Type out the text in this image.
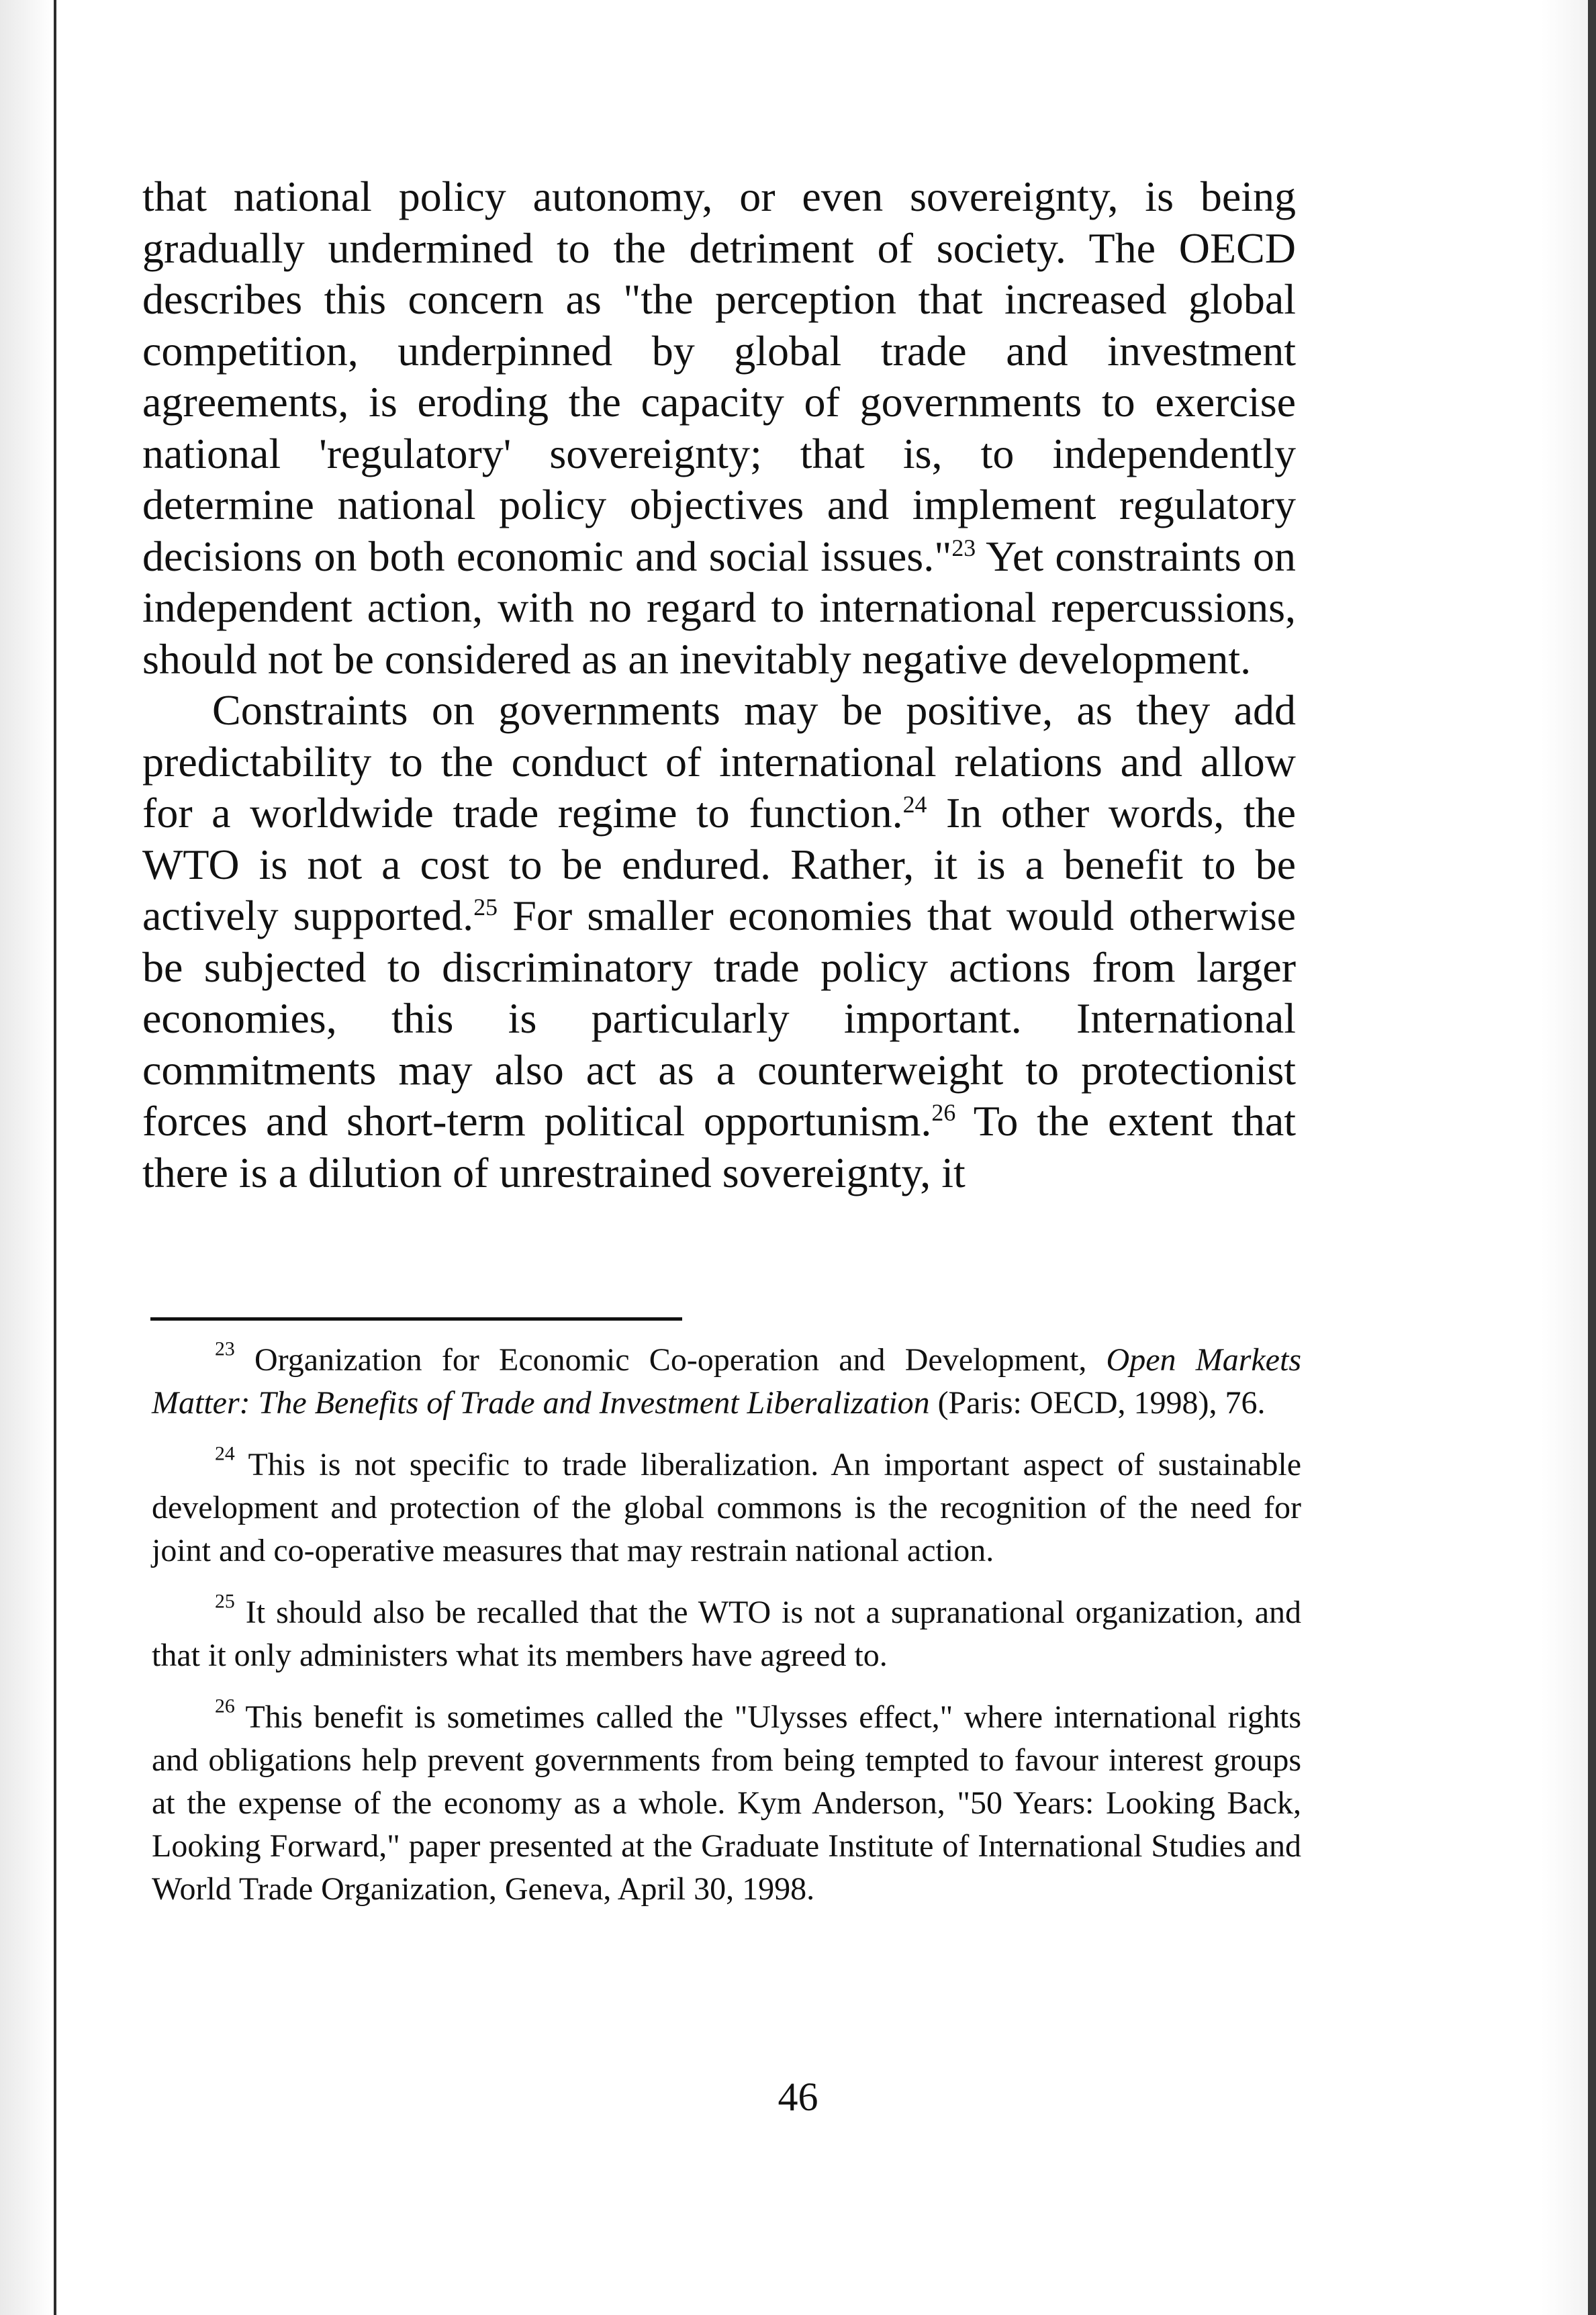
that national policy autonomy, or even sovereignty, is being gradually undermined to the detriment of society. The OECD describes this concern as "the perception that increased global competition, underpinned by global trade and investment agreements, is eroding the capacity of governments to exercise national 'regulatory' sovereignty; that is, to independently determine national policy objectives and implement regulatory decisions on both economic and social issues."$^{23}$ Yet constraints on independent action, with no regard to international repercussions, should not be considered as an inevitably negative development.

Constraints on governments may be positive, as they add predictability to the conduct of international relations and allow for a worldwide trade regime to function.$^{24}$ In other words, the WTO is not a cost to be endured. Rather, it is a benefit to be actively supported.$^{25}$ For smaller economies that would otherwise be subjected to discriminatory trade policy actions from larger economies, this is particularly important. International commitments may also act as a counterweight to protectionist forces and short-term political opportunism.$^{26}$ To the extent that there is a dilution of unrestrained sovereignty, it

$^{23}$ Organization for Economic Co-operation and Development, Open Markets Matter: The Benefits of Trade and Investment Liberalization (Paris: OECD, 1998), 76.

$^{24}$ This is not specific to trade liberalization. An important aspect of sustainable development and protection of the global commons is the recognition of the need for joint and co-operative measures that may restrain national action.

$^{25}$ It should also be recalled that the WTO is not a supranational organization, and that it only administers what its members have agreed to.

$^{26}$ This benefit is sometimes called the "Ulysses effect," where international rights and obligations help prevent governments from being tempted to favour interest groups at the expense of the economy as a whole. Kym Anderson, "50 Years: Looking Back, Looking Forward," paper presented at the Graduate Institute of International Studies and World Trade Organization, Geneva, April 30, 1998.

46
